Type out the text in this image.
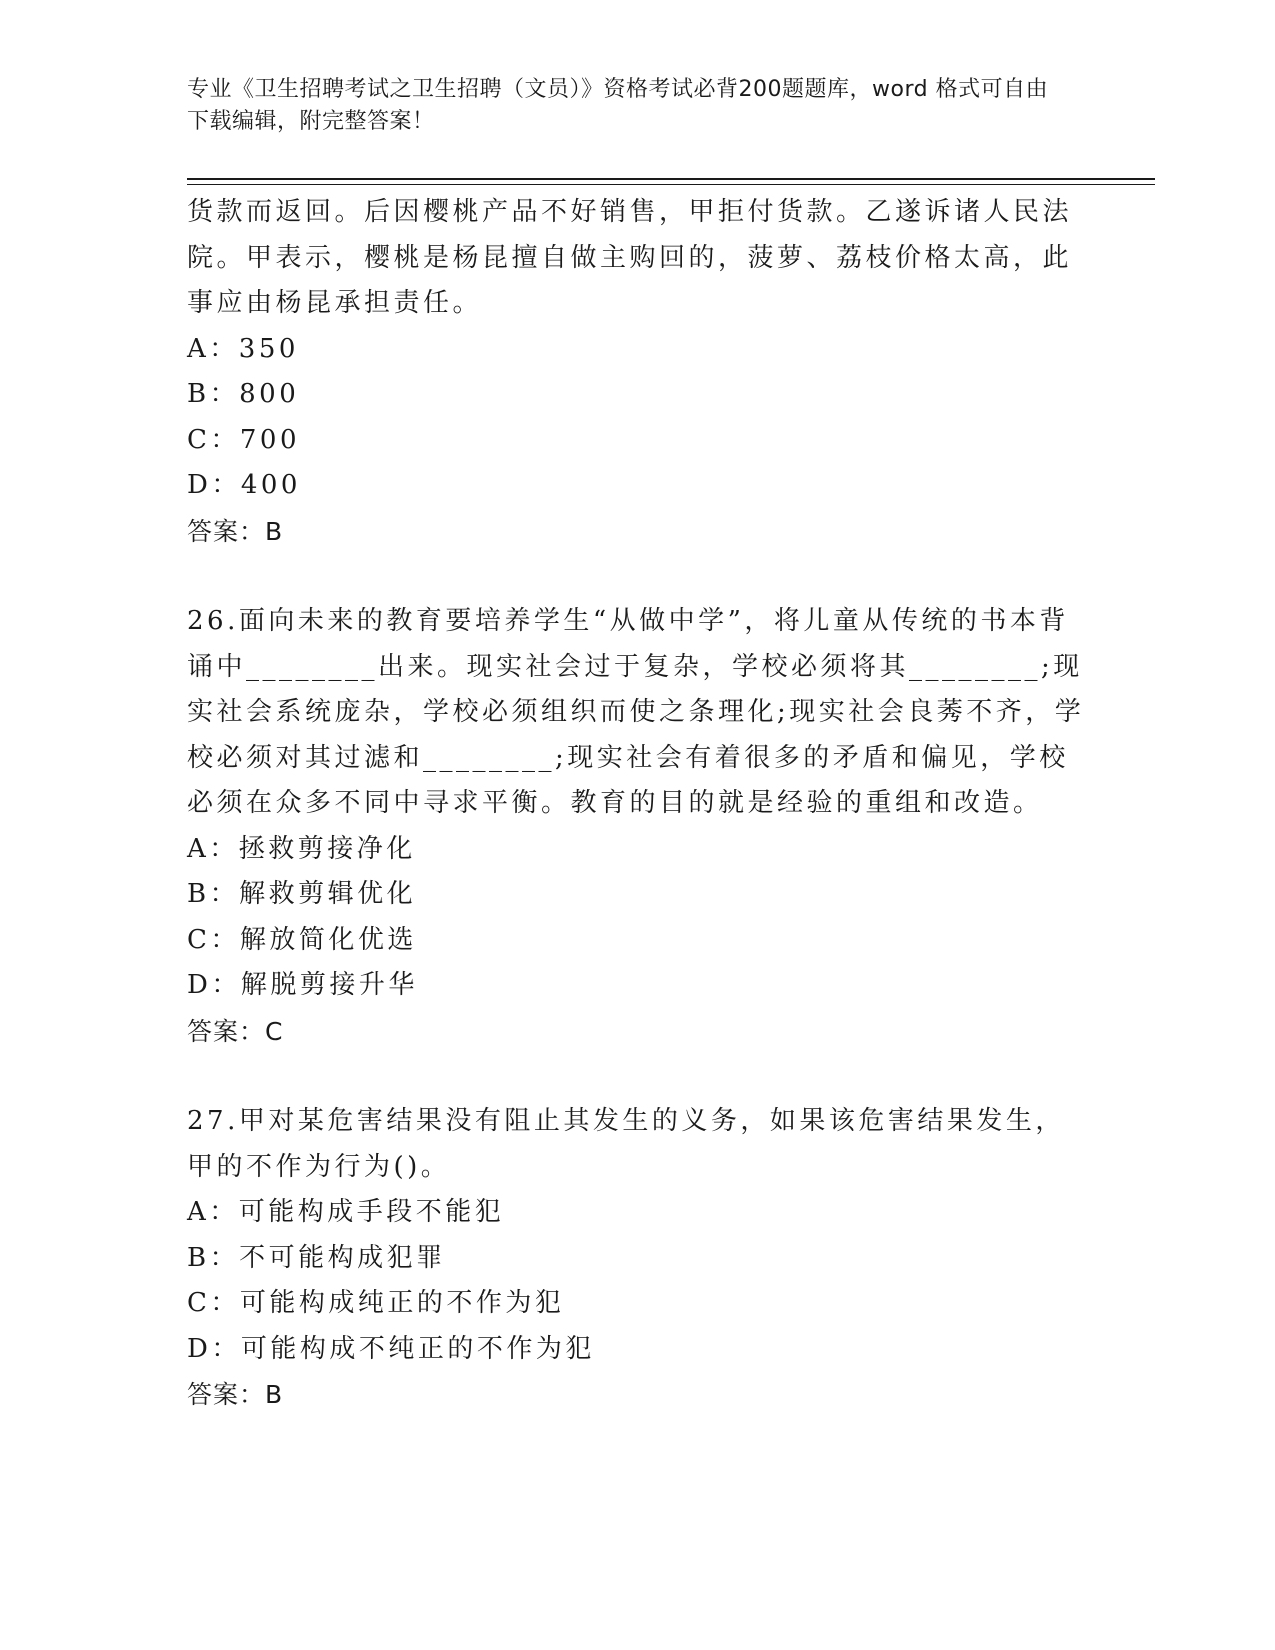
专业《卫生招聘考试之卫生招聘（文员）》资格考试必背200题题库，word 格式可自由下载编辑，附完整答案！

货款而返回。后因樱桃产品不好销售，甲拒付货款。乙遂诉诸人民法院。甲表示，樱桃是杨昆擅自做主购回的，菠萝、荔枝价格太高，此事应由杨昆承担责任。

A：350

B：800

C：700

D：400

答案：B

26.面向未来的教育要培养学生“从做中学”，将儿童从传统的书本背诵中________出来。现实社会过于复杂，学校必须将其________;现实社会系统庞杂，学校必须组织而使之条理化;现实社会良莠不齐，学校必须对其过滤和________;现实社会有着很多的矛盾和偏见，学校必须在众多不同中寻求平衡。教育的目的就是经验的重组和改造。

A：拯救剪接净化

B：解救剪辑优化

C：解放简化优选

D：解脱剪接升华

答案：C

27.甲对某危害结果没有阻止其发生的义务，如果该危害结果发生，甲的不作为行为()。

A：可能构成手段不能犯

B：不可能构成犯罪

C：可能构成纯正的不作为犯

D：可能构成不纯正的不作为犯

答案：B
